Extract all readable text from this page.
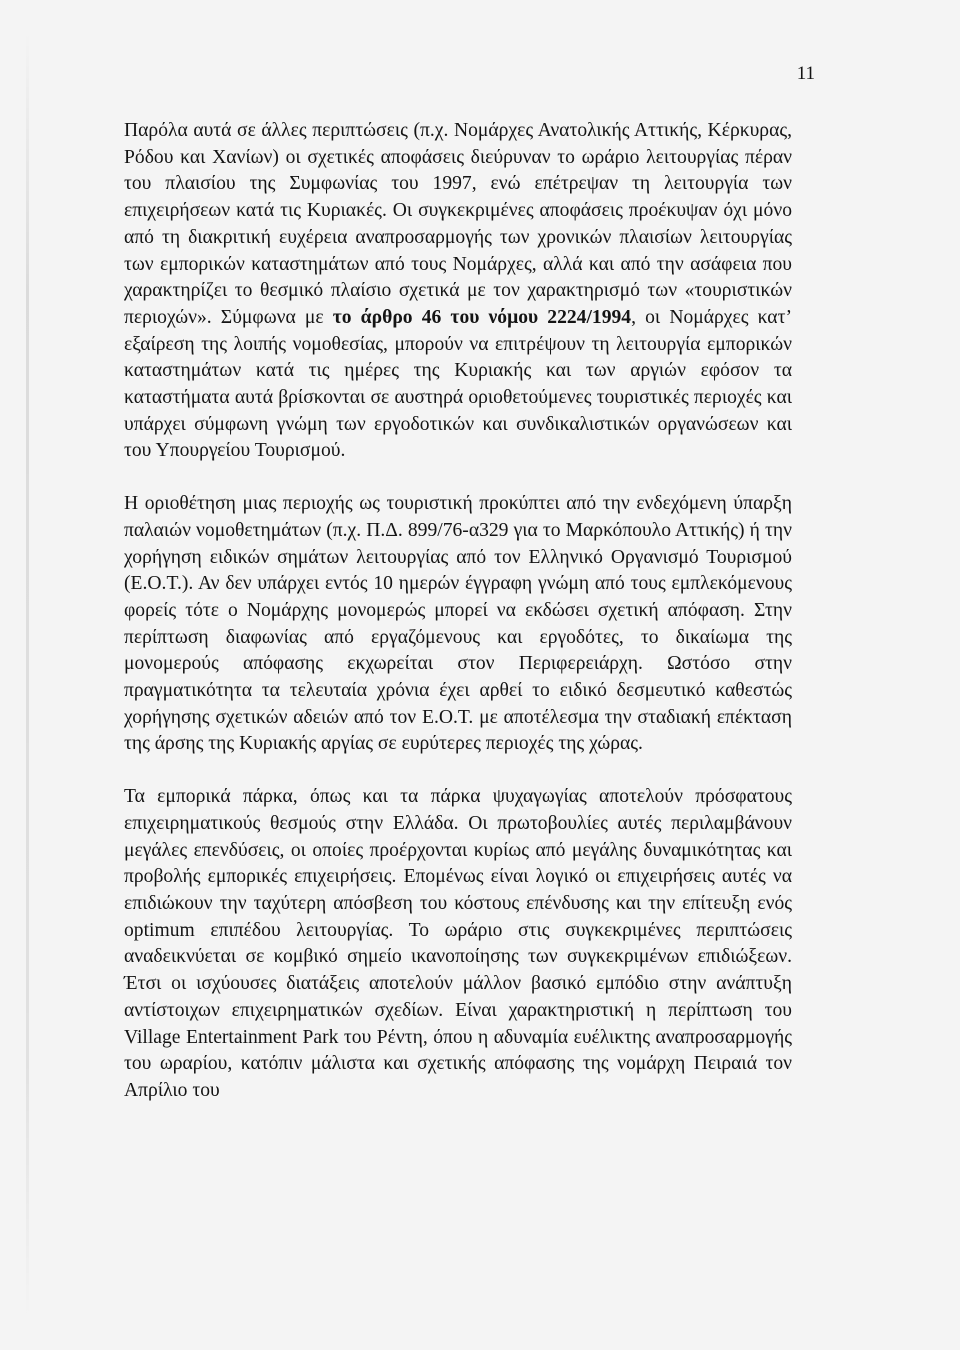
11

Παρόλα αυτά σε άλλες περιπτώσεις (π.χ. Νομάρχες Ανατολικής Αττικής, Κέρκυρας, Ρόδου και Χανίων) οι σχετικές αποφάσεις διεύρυναν το ωράριο λειτουργίας πέραν του πλαισίου της Συμφωνίας του 1997, ενώ επέτρεψαν τη λειτουργία των επιχειρήσεων κατά τις Κυριακές. Οι συγκεκριμένες αποφάσεις προέκυψαν όχι μόνο από τη διακριτική ευχέρεια αναπροσαρμογής των χρονικών πλαισίων λειτουργίας των εμπορικών καταστημάτων από τους Νομάρχες, αλλά και από την ασάφεια που χαρακτηρίζει το θεσμικό πλαίσιο σχετικά με τον χαρακτηρισμό των «τουριστικών περιοχών». Σύμφωνα με το άρθρο 46 του νόμου 2224/1994, οι Νομάρχες κατ’ εξαίρεση της λοιπής νομοθεσίας, μπορούν να επιτρέψουν τη λειτουργία εμπορικών καταστημάτων κατά τις ημέρες της Κυριακής και των αργιών εφόσον τα καταστήματα αυτά βρίσκονται σε αυστηρά οριοθετούμενες τουριστικές περιοχές και υπάρχει σύμφωνη γνώμη των εργοδοτικών και συνδικαλιστικών οργανώσεων και του Υπουργείου Τουρισμού.

Η οριοθέτηση μιας περιοχής ως τουριστική προκύπτει από την ενδεχόμενη ύπαρξη παλαιών νομοθετημάτων (π.χ. Π.Δ. 899/76-α329 για το Μαρκόπουλο Αττικής) ή την χορήγηση ειδικών σημάτων λειτουργίας από τον Ελληνικό Οργανισμό Τουρισμού (Ε.Ο.Τ.). Αν δεν υπάρχει εντός 10 ημερών έγγραφη γνώμη από τους εμπλεκόμενους φορείς τότε ο Νομάρχης μονομερώς μπορεί να εκδώσει σχετική απόφαση. Στην περίπτωση διαφωνίας από εργαζόμενους και εργοδότες, το δικαίωμα της μονομερούς απόφασης εκχωρείται στον Περιφερειάρχη. Ωστόσο στην πραγματικότητα τα τελευταία χρόνια έχει αρθεί το ειδικό δεσμευτικό καθεστώς χορήγησης σχετικών αδειών από τον Ε.Ο.Τ. με αποτέλεσμα την σταδιακή επέκταση της άρσης της Κυριακής αργίας σε ευρύτερες περιοχές της χώρας.

Τα εμπορικά πάρκα, όπως και τα πάρκα ψυχαγωγίας αποτελούν πρόσφατους επιχειρηματικούς θεσμούς στην Ελλάδα. Οι πρωτοβουλίες αυτές περιλαμβάνουν μεγάλες επενδύσεις, οι οποίες προέρχονται κυρίως από μεγάλης δυναμικότητας και προβολής εμπορικές επιχειρήσεις. Επομένως είναι λογικό οι επιχειρήσεις αυτές να επιδιώκουν την ταχύτερη απόσβεση του κόστους επένδυσης και την επίτευξη ενός optimum επιπέδου λειτουργίας. Το ωράριο στις συγκεκριμένες περιπτώσεις αναδεικνύεται σε κομβικό σημείο ικανοποίησης των συγκεκριμένων επιδιώξεων. Έτσι οι ισχύουσες διατάξεις αποτελούν μάλλον βασικό εμπόδιο στην ανάπτυξη αντίστοιχων επιχειρηματικών σχεδίων. Είναι χαρακτηριστική η περίπτωση του Village Entertainment Park του Ρέντη, όπου η αδυναμία ευέλικτης αναπροσαρμογής του ωραρίου, κατόπιν μάλιστα και σχετικής απόφασης της νομάρχη Πειραιά τον Απρίλιο του
